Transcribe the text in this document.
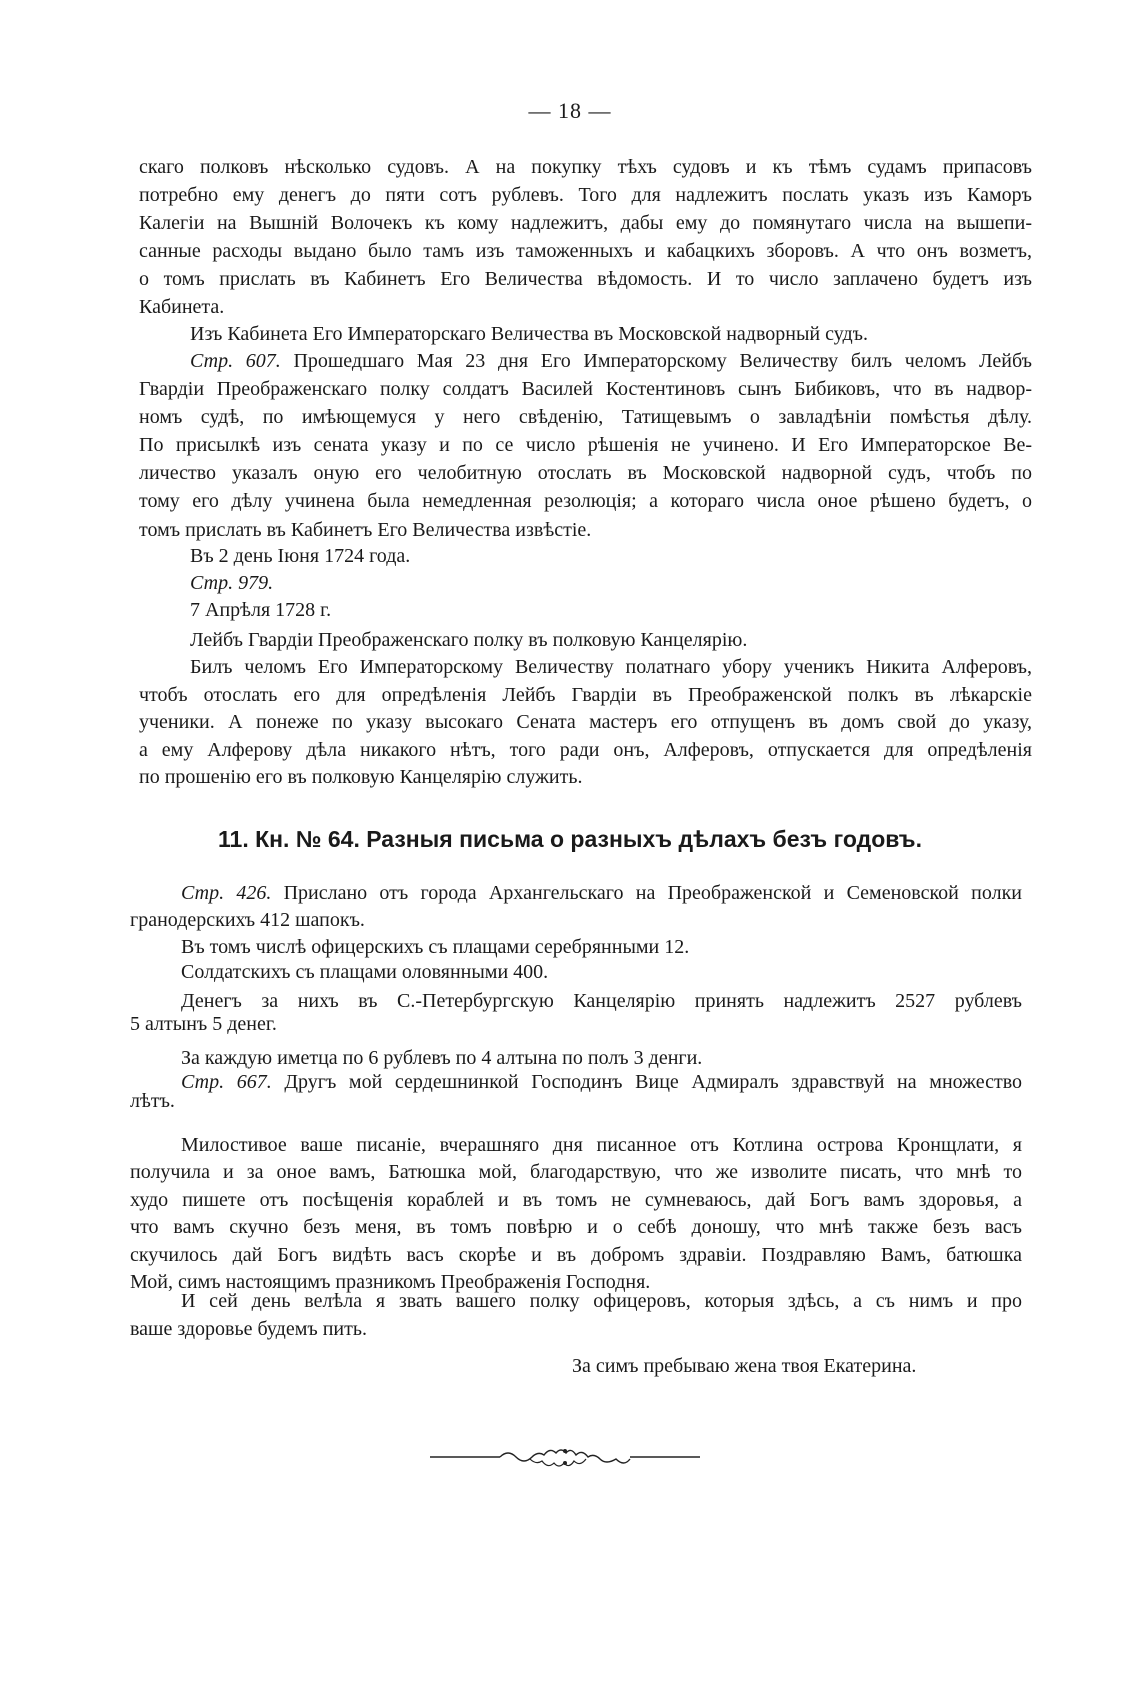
— 18 —
скаго полковъ нѣсколько судовъ. А на покупку тѣхъ судовъ и къ тѣмъ судамъ припасовъ
потребно ему денегъ до пяти сотъ рублевъ. Того для надлежитъ послать указъ изъ Каморъ
Калегіи на Вышній Волочекъ къ кому надлежитъ, дабы ему до помянутаго числа на вышепи-
санные расходы выдано было тамъ изъ таможенныхъ и кабацкихъ зборовъ. А что онъ возметъ,
о томъ прислать въ Кабинетъ Его Величества вѣдомость. И то число заплачено будетъ изъ
Кабинета.
Изъ Кабинета Его Императорскаго Величества въ Московской надворный судъ.
Стр. 607. Прошедшаго Мая 23 дня Его Императорскому Величеству билъ челомъ Лейбъ
Гвардіи Преображенскаго полку солдатъ Василей Костентиновъ сынъ Бибиковъ, что въ надвор-
номъ судѣ, по имѣющемуся у него свѣденію, Татищевымъ о завладѣніи помѣстья дѣлу.
По присылкѣ изъ сената указу и по се число рѣшенія не учинено. И Его Императорское Ве-
личество указалъ оную его челобитную отослать въ Московской надворной судъ, чтобъ по
тому его дѣлу учинена была немедленная резолюція; а котораго числа оное рѣшено будетъ, о
томъ прислать въ Кабинетъ Его Величества извѣстіе.
Въ 2 день Іюня 1724 года.
Стр. 979.
7 Апрѣля 1728 г.
Лейбъ Гвардіи Преображенскаго полку въ полковую Канцелярію.
Билъ челомъ Его Императорскому Величеству полатнаго убору ученикъ Никита Алферовъ,
чтобъ отослать его для опредѣленія Лейбъ Гвардіи въ Преображенской полкъ въ лѣкарскіе
ученики. А понеже по указу высокаго Сената мастеръ его отпущенъ въ домъ свой до указу,
а ему Алферову дѣла никакого нѣтъ, того ради онъ, Алферовъ, отпускается для опредѣленія
по прошенію его въ полковую Канцелярію служить.
Стр. 426. Прислано отъ города Архангельскаго на Преображенской и Семеновской полки
гранодерскихъ 412 шапокъ.
Въ томъ числѣ офицерскихъ съ плащами серебрянными 12.
Солдатскихъ съ плащами оловянными 400.
Денегъ за нихъ въ С.-Петербургскую Канцелярію принять надлежитъ 2527 рублевъ
5 алтынъ 5 денег.
За каждую иметца по 6 рублевъ по 4 алтына по полъ 3 денги.
Стр. 667. Другъ мой сердешнинкой Господинъ Вице Адмиралъ здравствуй на множество
лѣтъ.
Милостивое ваше писаніе, вчерашняго дня писанное отъ Котлина острова Кронщлати, я
получила и за оное вамъ, Батюшка мой, благодарствую, что же изволите писать, что мнѣ то
худо пишете отъ посѣщенія кораблей и въ томъ не сумневаюсь, дай Богъ вамъ здоровья, а
что вамъ скучно безъ меня, въ томъ повѣрю и о себѣ доношу, что мнѣ также безъ васъ
скучилось дай Богъ видѣть васъ скорѣе и въ добромъ здравіи. Поздравляю Вамъ, батюшка
Мой, симъ настоящимъ празникомъ Преображенія Господня.
И сей день велѣла я звать вашего полку офицеровъ, которыя здѣсь, а съ нимъ и про
ваше здоровье будемъ пить.
11. Кн. № 64. Разныя письма о разныхъ дѣлахъ безъ годовъ.
За симъ пребываю жена твоя Екатерина.
